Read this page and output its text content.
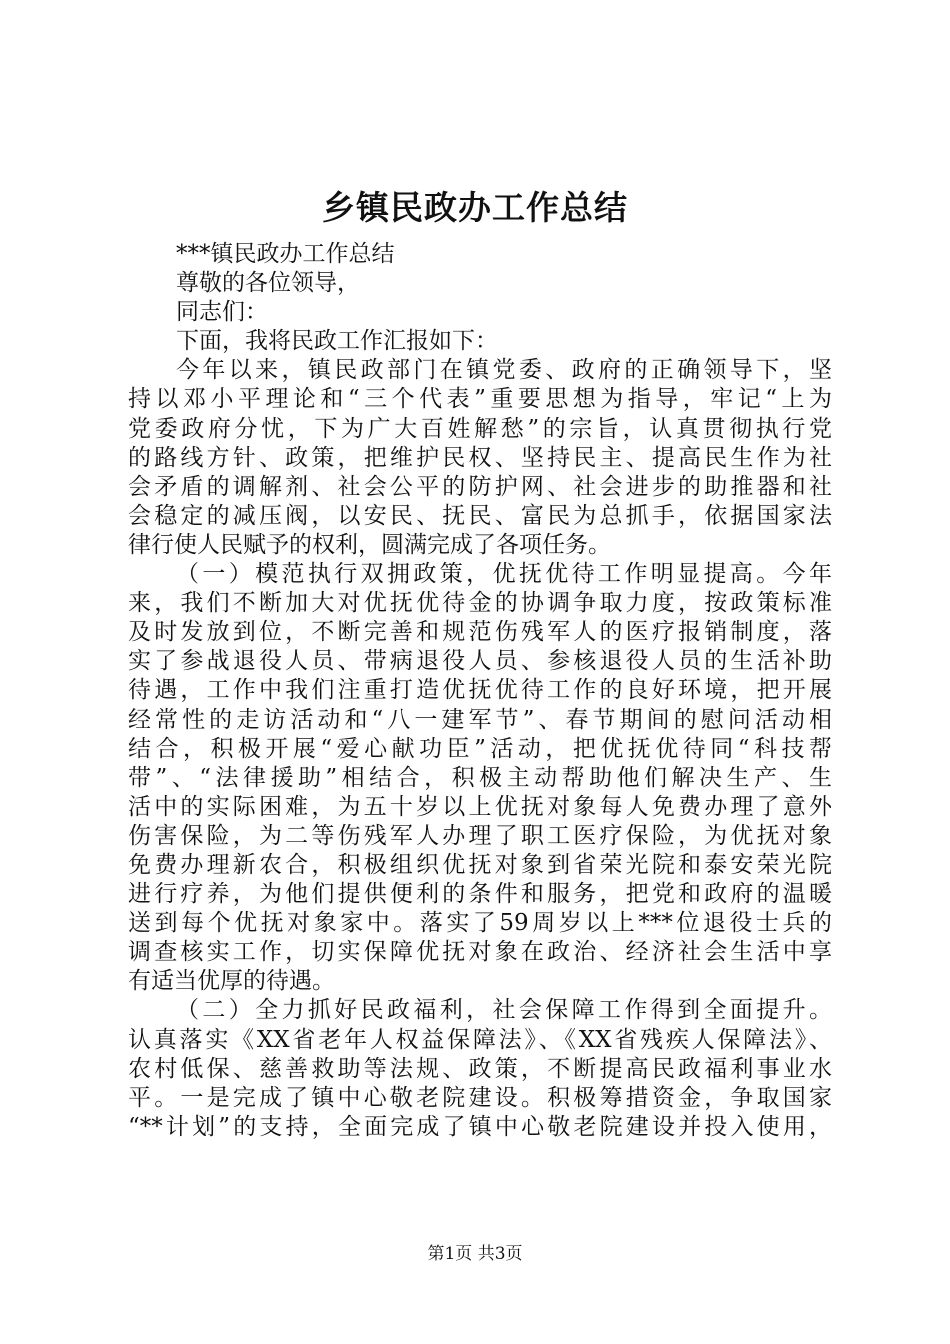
乡镇民政办工作总结
***镇民政办工作总结
尊敬的各位领导，
同志们：
下面，我将民政工作汇报如下：
今年以来，镇民政部门在镇党委、政府的正确领导下，坚
持以邓小平理论和“三个代表”重要思想为指导，牢记“上为
党委政府分忧，下为广大百姓解愁”的宗旨，认真贯彻执行党
的路线方针、政策，把维护民权、坚持民主、提高民生作为社
会矛盾的调解剂、社会公平的防护网、社会进步的助推器和社
会稳定的减压阀，以安民、抚民、富民为总抓手，依据国家法
律行使人民赋予的权利，圆满完成了各项任务。
（一）模范执行双拥政策，优抚优待工作明显提高。今年
来，我们不断加大对优抚优待金的协调争取力度，按政策标准
及时发放到位，不断完善和规范伤残军人的医疗报销制度，落
实了参战退役人员、带病退役人员、参核退役人员的生活补助
待遇，工作中我们注重打造优抚优待工作的良好环境，把开展
经常性的走访活动和“八一建军节”、春节期间的慰问活动相
结合，积极开展“爱心献功臣”活动，把优抚优待同“科技帮
带”、“法律援助”相结合，积极主动帮助他们解决生产、生
活中的实际困难，为五十岁以上优抚对象每人免费办理了意外
伤害保险，为二等伤残军人办理了职工医疗保险，为优抚对象
免费办理新农合，积极组织优抚对象到省荣光院和泰安荣光院
进行疗养，为他们提供便利的条件和服务，把党和政府的温暖
送到每个优抚对象家中。落实了59周岁以上***位退役士兵的
调查核实工作，切实保障优抚对象在政治、经济社会生活中享
有适当优厚的待遇。
（二）全力抓好民政福利，社会保障工作得到全面提升。
认真落实《XX省老年人权益保障法》、《XX省残疾人保障法》、
农村低保、慈善救助等法规、政策，不断提高民政福利事业水
平。一是完成了镇中心敬老院建设。积极筹措资金，争取国家
“**计划”的支持，全面完成了镇中心敬老院建设并投入使用，
第1页 共3页
